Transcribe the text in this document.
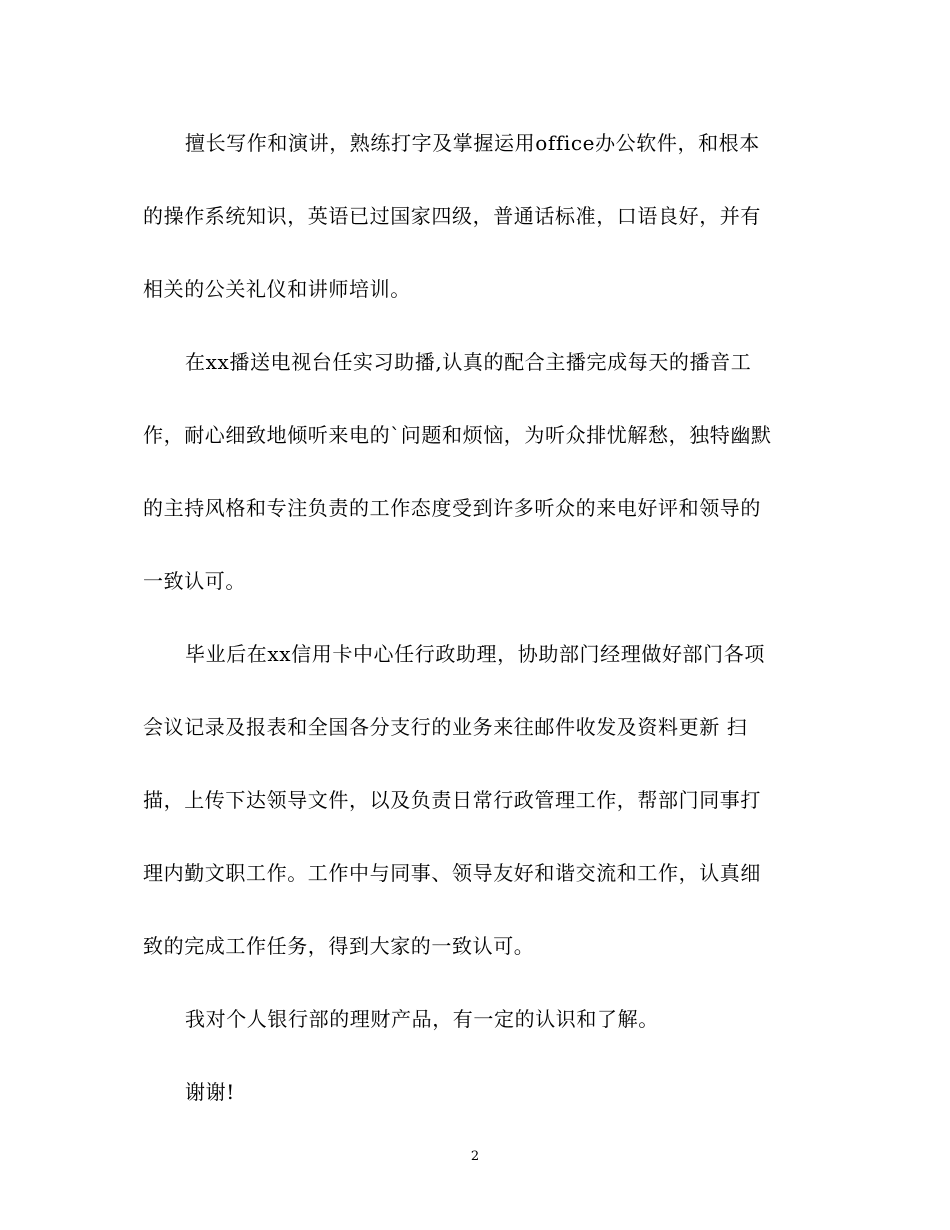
擅长写作和演讲，熟练打字及掌握运用office办公软件，和根本
的操作系统知识，英语已过国家四级，普通话标准，口语良好，并有
相关的公关礼仪和讲师培训。
在xx播送电视台任实习助播,认真的配合主播完成每天的播音工
作，耐心细致地倾听来电的`问题和烦恼，为听众排忧解愁，独特幽默
的主持风格和专注负责的工作态度受到许多听众的来电好评和领导的
一致认可。
毕业后在xx信用卡中心任行政助理，协助部门经理做好部门各项
会议记录及报表和全国各分支行的业务来往邮件收发及资料更新 扫
描，上传下达领导文件，以及负责日常行政管理工作，帮部门同事打
理内勤文职工作。工作中与同事、领导友好和谐交流和工作，认真细
致的完成工作任务，得到大家的一致认可。
我对个人银行部的理财产品，有一定的认识和了解。
谢谢!
2
